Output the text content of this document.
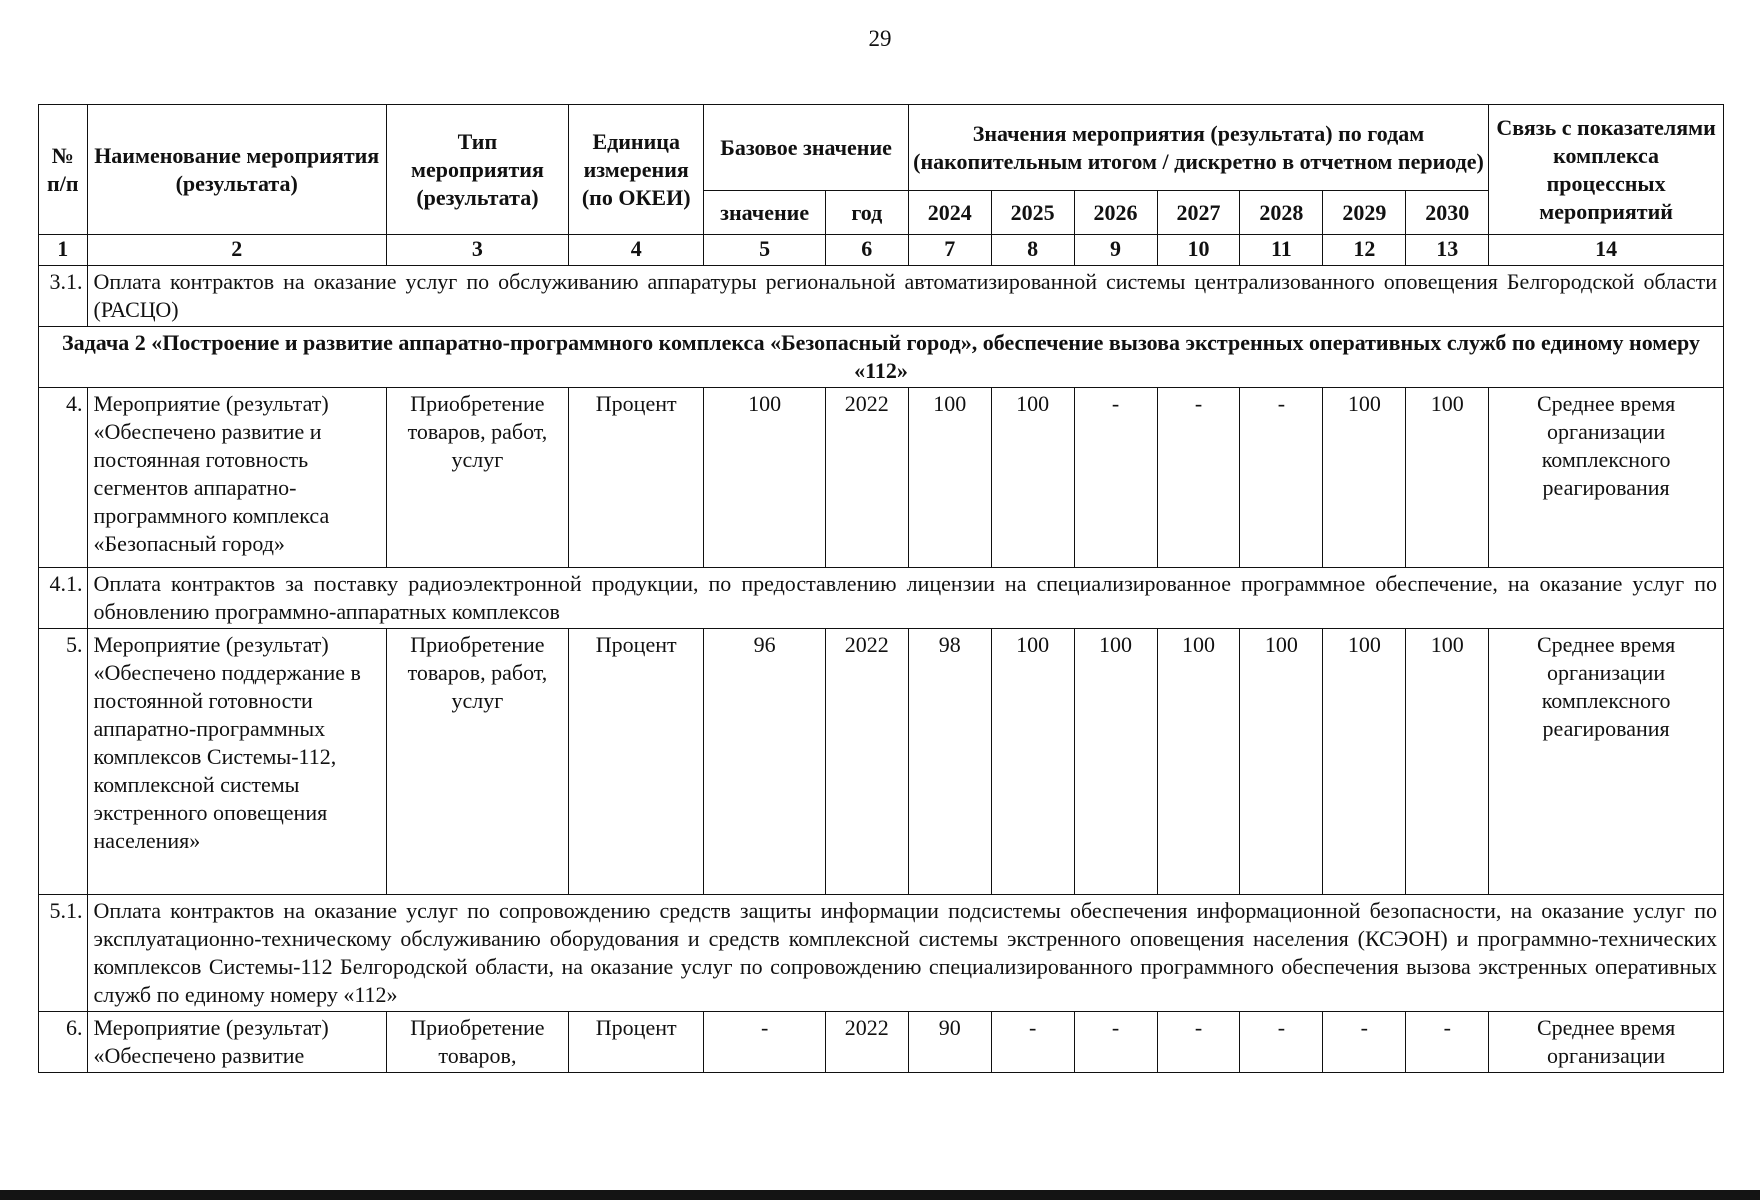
29
№ п/п	Наименование мероприятия (результата)	Тип мероприятия (результата)	Единица измерения (по ОКЕИ)	Базовое значение		Значения мероприятия (результата) по годам (накопительным итогом / дискретно в отчетном периоде)							Связь с показателями комплекса процессных мероприятий
				значение	год	2024	2025	2026	2027	2028	2029	2030	
1	2	3	4	5	6	7	8	9	10	11	12	13	14
3.1.	Оплата контрактов на оказание услуг по обслуживанию аппаратуры региональной автоматизированной системы централизованного оповещения Белгородской области (РАСЦО)												
Задача 2 «Построение и развитие аппаратно-программного комплекса «Безопасный город», обеспечение вызова экстренных оперативных служб по единому номеру «112»													
4.	Мероприятие (результат) «Обеспечено развитие и постоянная готовность сегментов аппаратно-программного комплекса «Безопасный город»	Приобретение товаров, работ, услуг	Процент	100	2022	100	100	-	-	-	100	100	Среднее время организации комплексного реагирования
4.1.	Оплата контрактов за поставку радиоэлектронной продукции, по предоставлению лицензии на специализированное программное обеспечение, на оказание услуг по обновлению программно-аппаратных комплексов												
5.	Мероприятие (результат) «Обеспечено поддержание в постоянной готовности аппаратно-программных комплексов Системы-112, комплексной системы экстренного оповещения населения»	Приобретение товаров, работ, услуг	Процент	96	2022	98	100	100	100	100	100	100	Среднее время организации комплексного реагирования
5.1.	Оплата контрактов на оказание услуг по сопровождению средств защиты информации подсистемы обеспечения информационной безопасности, на оказание услуг по эксплуатационно-техническому обслуживанию оборудования и средств комплексной системы экстренного оповещения населения (КСЭОН) и программно-технических комплексов Системы-112 Белгородской области, на оказание услуг по сопровождению специализированного программного обеспечения вызова экстренных оперативных служб по единому номеру «112»												
6.	Мероприятие (результат) «Обеспечено развитие	Приобретение товаров,	Процент	-	2022	90	-	-	-	-	-	-	Среднее время организации
